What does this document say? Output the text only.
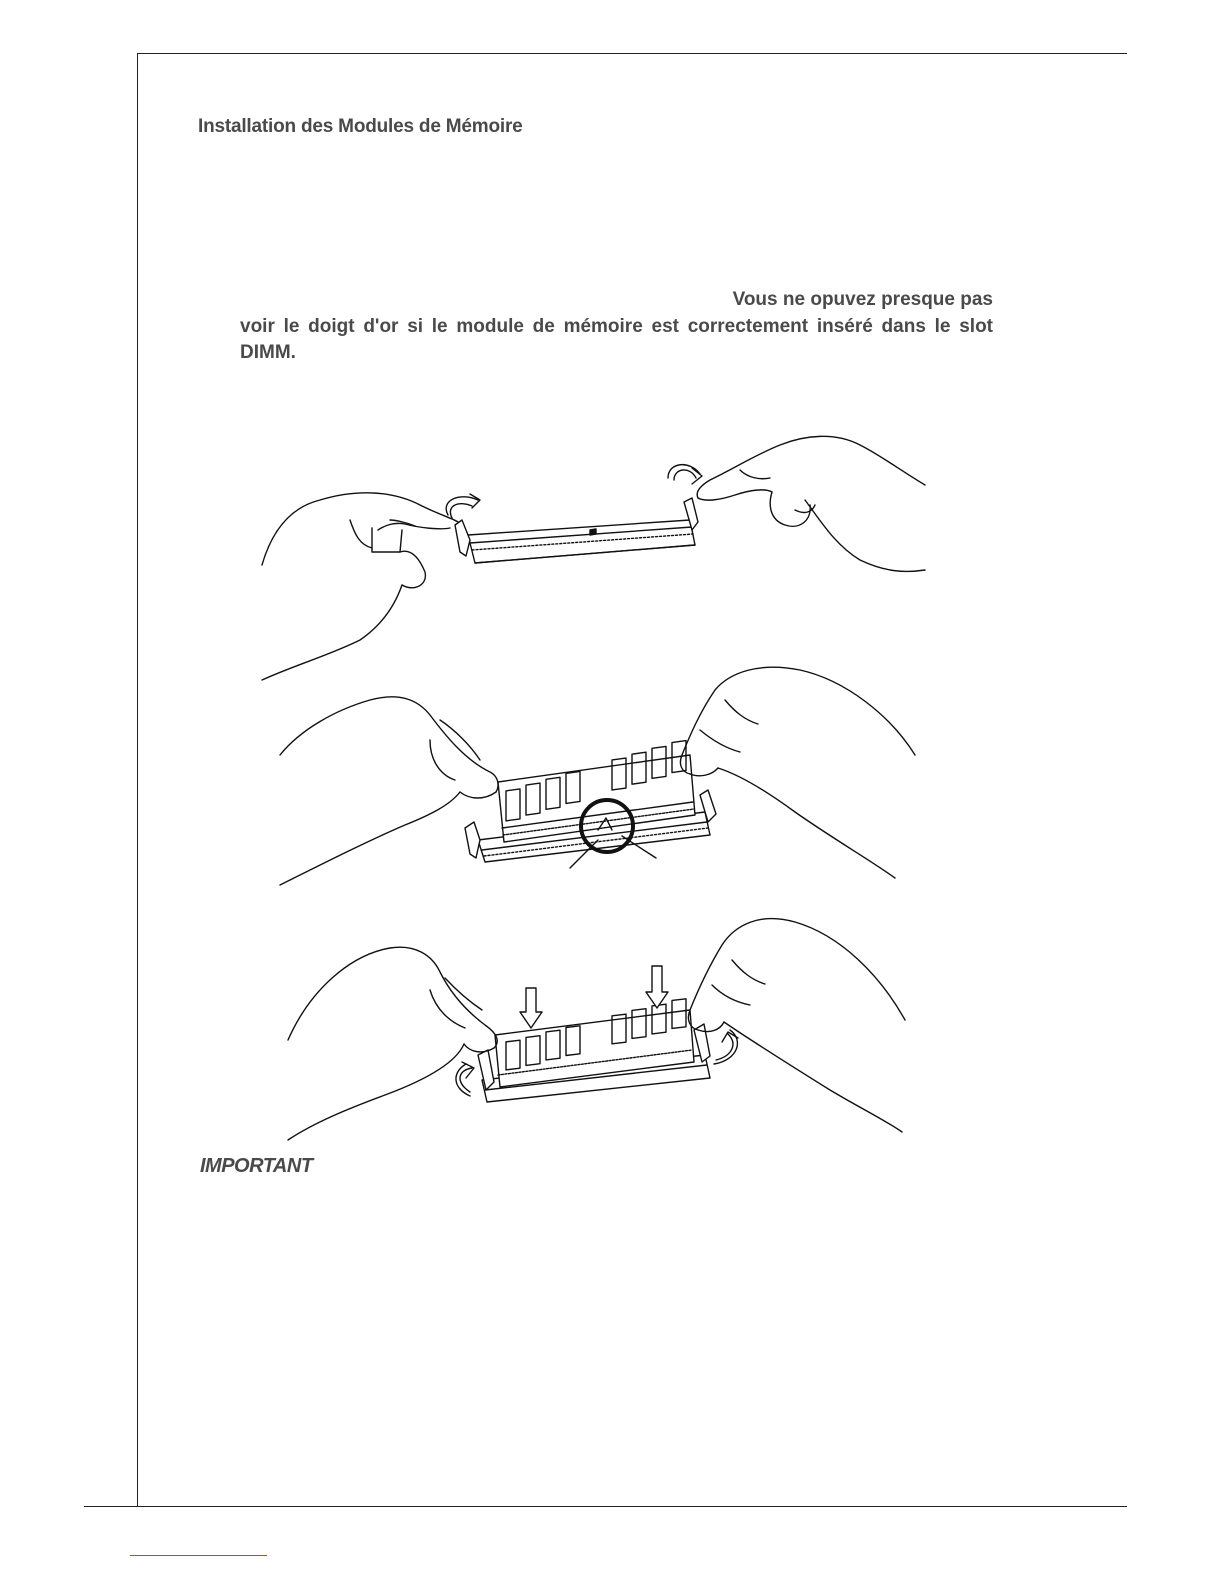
Installation des Modules de Mémoire

Vous ne opuvez presque pas
voir le doigt d'or si le module de mémoire est correctement inséré dans le slot DIMM.

IMPORTANT
